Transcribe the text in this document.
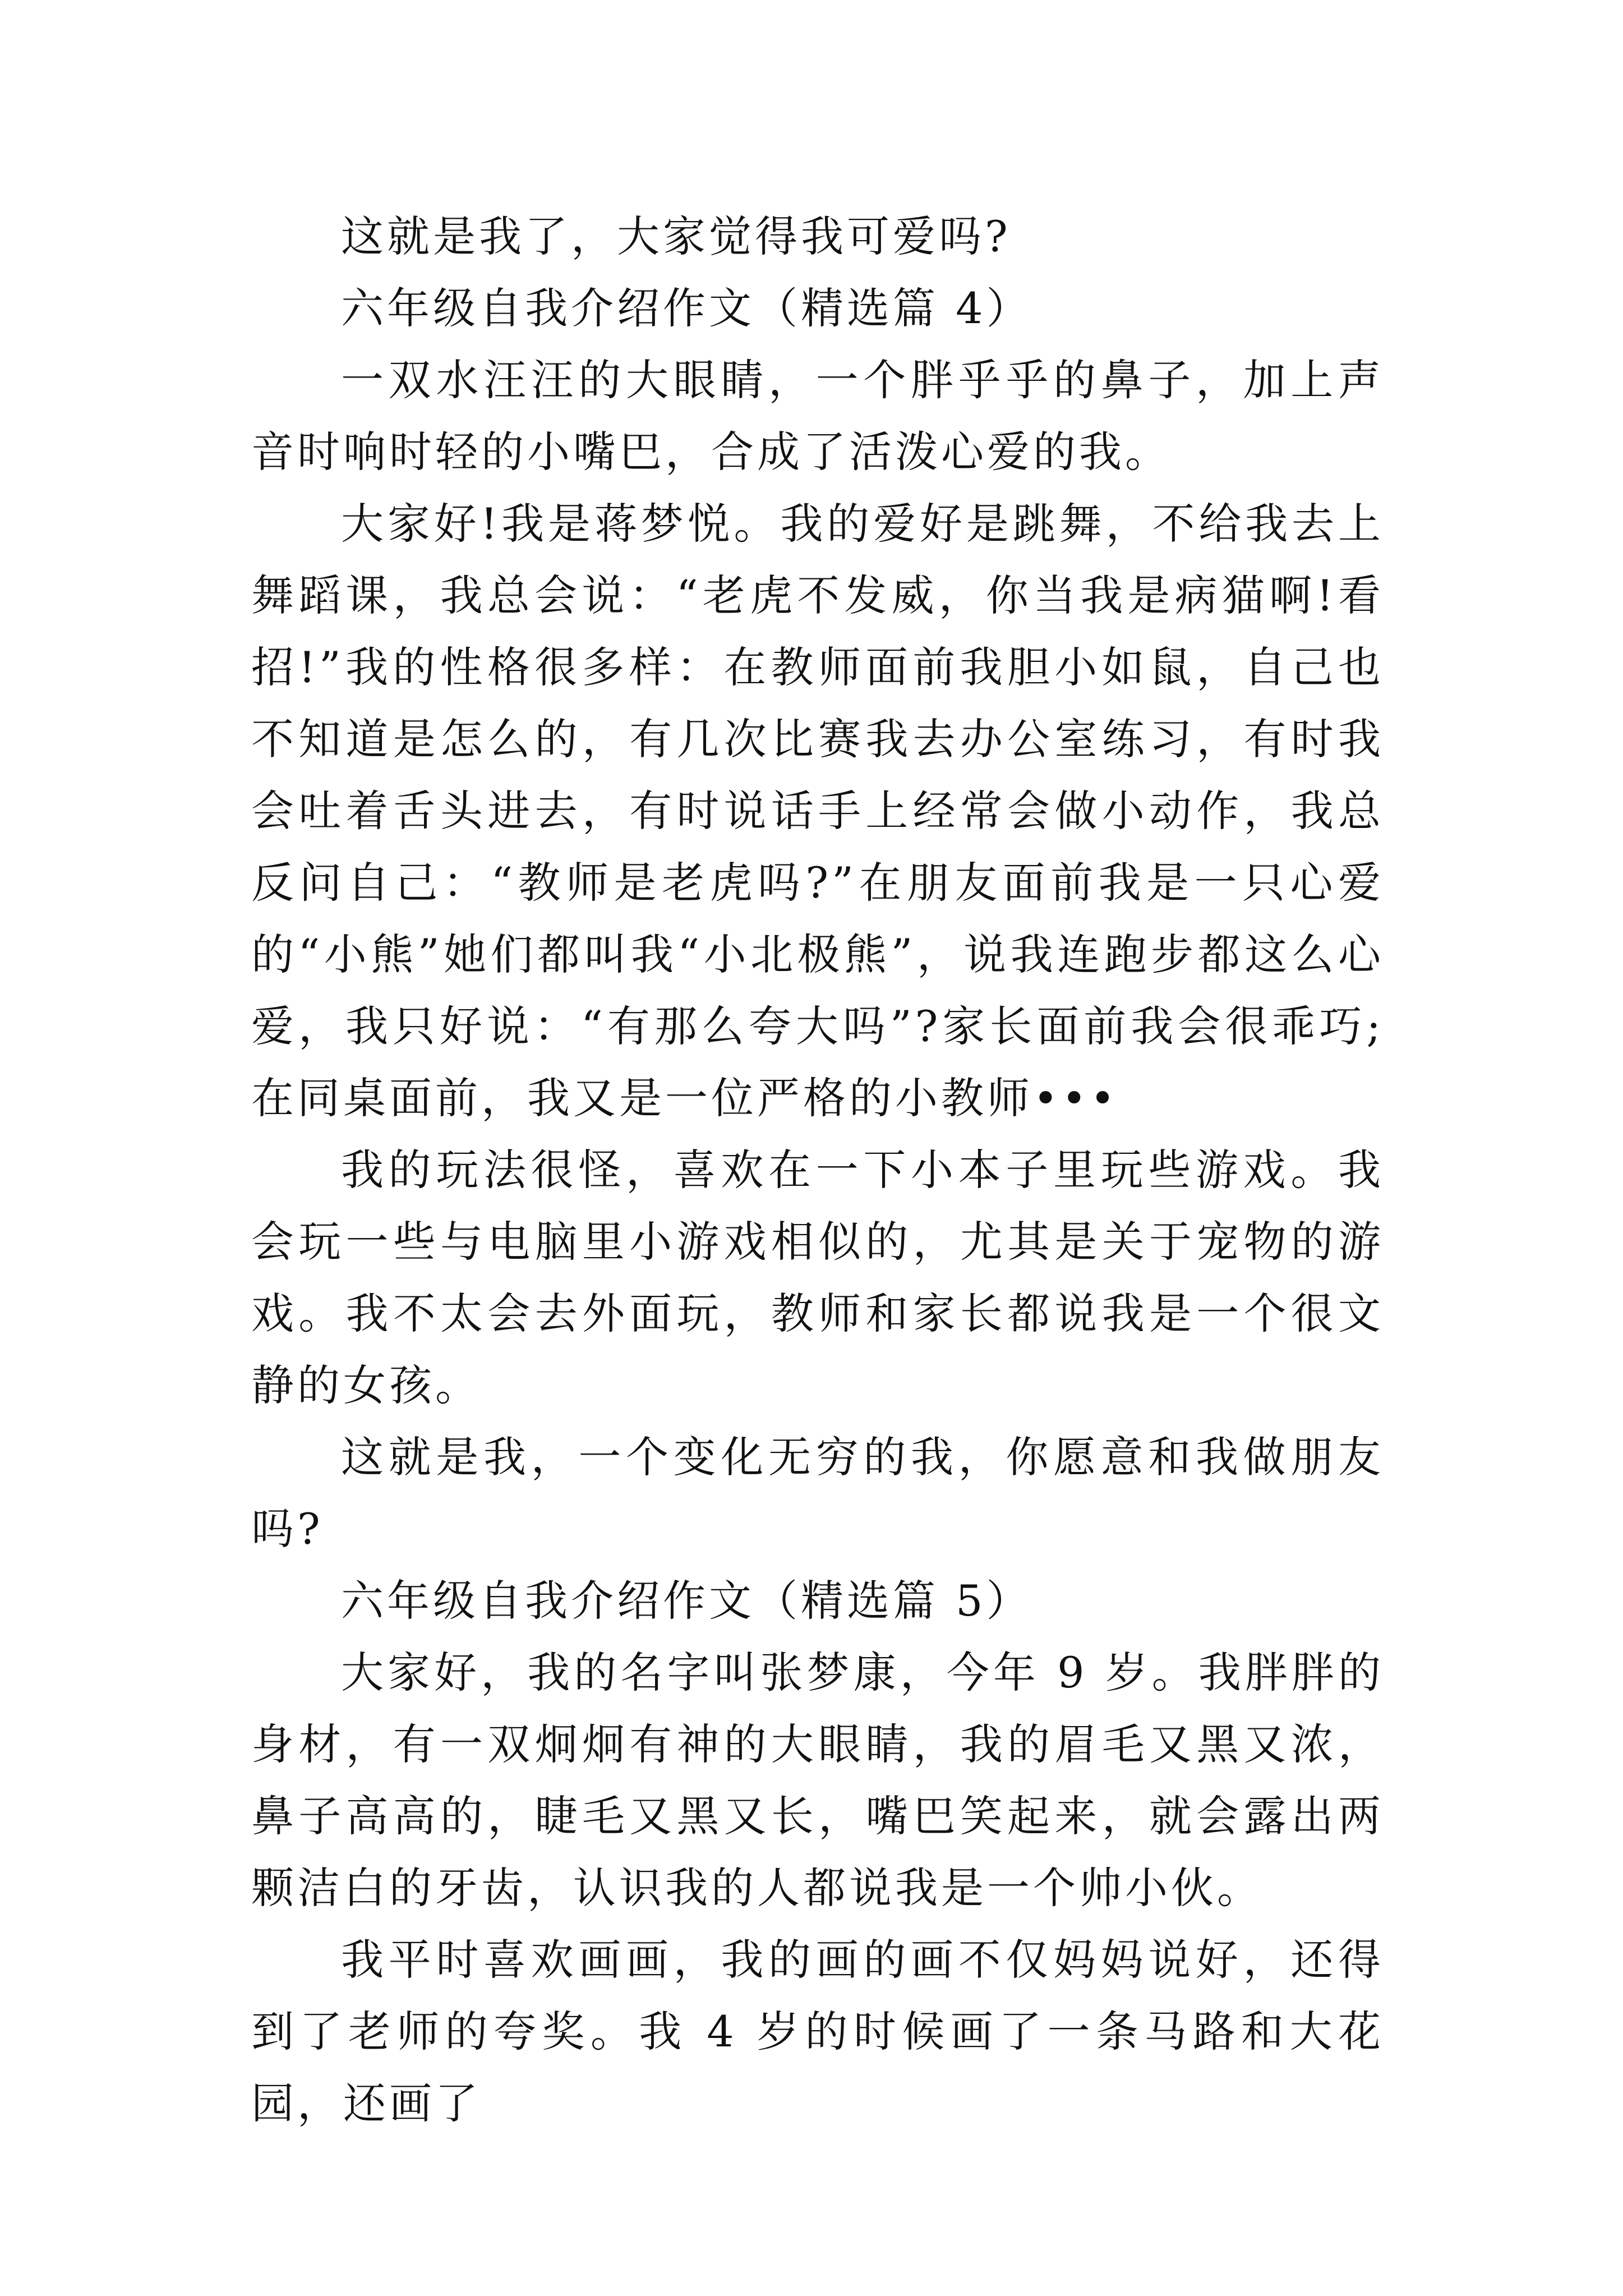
这就是我了，大家觉得我可爱吗?

六年级自我介绍作文（精选篇 4）

一双水汪汪的大眼睛，一个胖乎乎的鼻子，加上声音时响时轻的小嘴巴，合成了活泼心爱的我。

大家好!我是蒋梦悦。我的爱好是跳舞，不给我去上舞蹈课，我总会说：“老虎不发威，你当我是病猫啊!看招!”我的性格很多样：在教师面前我胆小如鼠，自己也不知道是怎么的，有几次比赛我去办公室练习，有时我会吐着舌头进去，有时说话手上经常会做小动作，我总反问自己：“教师是老虎吗?”在朋友面前我是一只心爱的“小熊”她们都叫我“小北极熊”，说我连跑步都这么心爱，我只好说：“有那么夸大吗”?家长面前我会很乖巧;在同桌面前，我又是一位严格的小教师•••

我的玩法很怪，喜欢在一下小本子里玩些游戏。我会玩一些与电脑里小游戏相似的，尤其是关于宠物的游戏。我不太会去外面玩，教师和家长都说我是一个很文静的女孩。

这就是我，一个变化无穷的我，你愿意和我做朋友吗?

六年级自我介绍作文（精选篇 5）

大家好，我的名字叫张梦康，今年 9 岁。我胖胖的身材，有一双炯炯有神的大眼睛，我的眉毛又黑又浓，鼻子高高的，睫毛又黑又长，嘴巴笑起来，就会露出两颗洁白的牙齿，认识我的人都说我是一个帅小伙。

我平时喜欢画画，我的画的画不仅妈妈说好，还得到了老师的夸奖。我 4 岁的时候画了一条马路和大花园，还画了
